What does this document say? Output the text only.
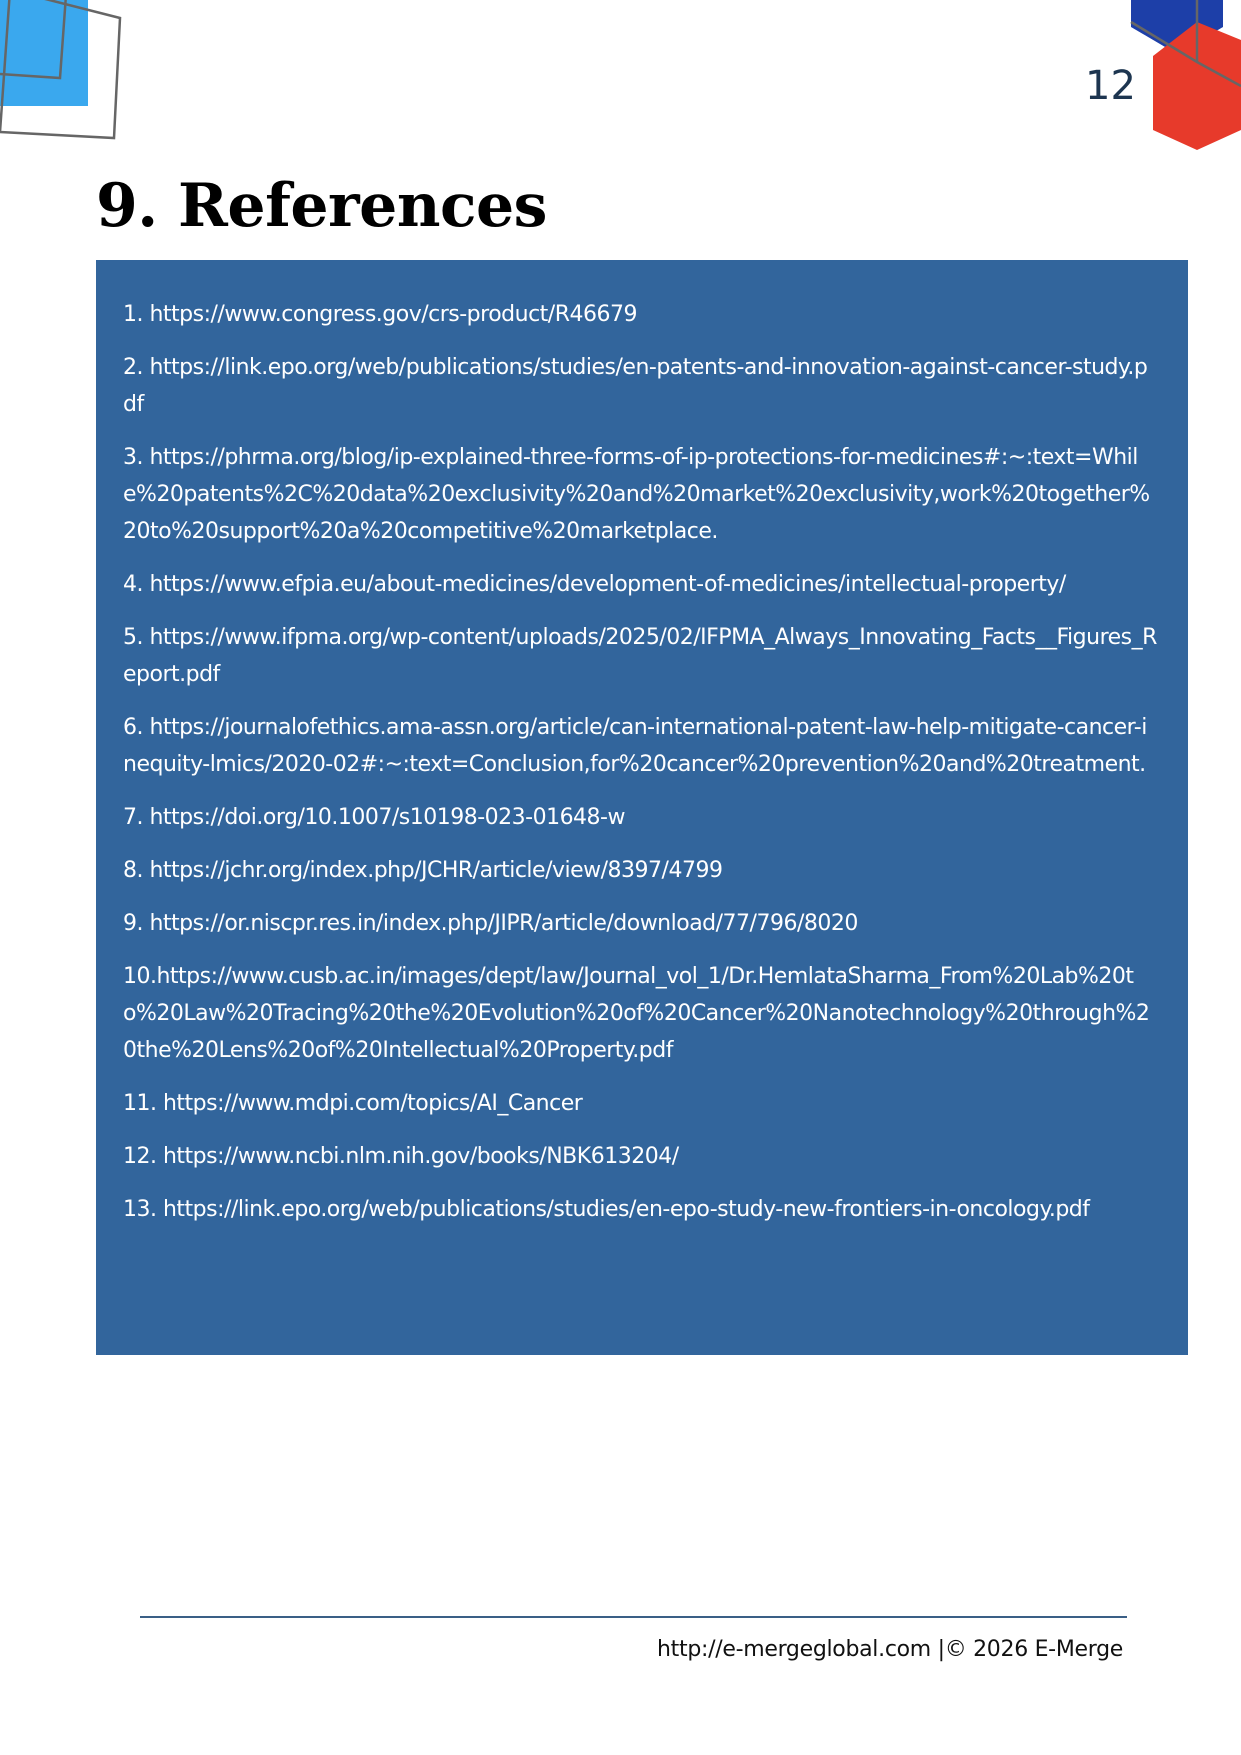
12
9. References
1. https://www.congress.gov/crs-product/R46679
2. https://link.epo.org/web/publications/studies/en-patents-and-innovation-against-cancer-study.pdf
3. https://phrma.org/blog/ip-explained-three-forms-of-ip-protections-for-medicines#:~:text=While%20patents%2C%20data%20exclusivity%20and%20market%20exclusivity,work%20together%20to%20support%20a%20competitive%20marketplace.
4. https://www.efpia.eu/about-medicines/development-of-medicines/intellectual-property/
5. https://www.ifpma.org/wp-content/uploads/2025/02/IFPMA_Always_Innovating_Facts__Figures_Report.pdf
6. https://journalofethics.ama-assn.org/article/can-international-patent-law-help-mitigate-cancer-inequity-lmics/2020-02#:~:text=Conclusion,for%20cancer%20prevention%20and%20treatment.
7. https://doi.org/10.1007/s10198-023-01648-w
8. https://jchr.org/index.php/JCHR/article/view/8397/4799
9. https://or.niscpr.res.in/index.php/JIPR/article/download/77/796/8020
10.https://www.cusb.ac.in/images/dept/law/Journal_vol_1/Dr.HemlataSharma_From%20Lab%20to%20Law%20Tracing%20the%20Evolution%20of%20Cancer%20Nanotechnology%20through%20the%20Lens%20of%20Intellectual%20Property.pdf
11. https://www.mdpi.com/topics/AI_Cancer
12. https://www.ncbi.nlm.nih.gov/books/NBK613204/
13. https://link.epo.org/web/publications/studies/en-epo-study-new-frontiers-in-oncology.pdf
http://e-mergeglobal.com |© 2026 E-Merge
